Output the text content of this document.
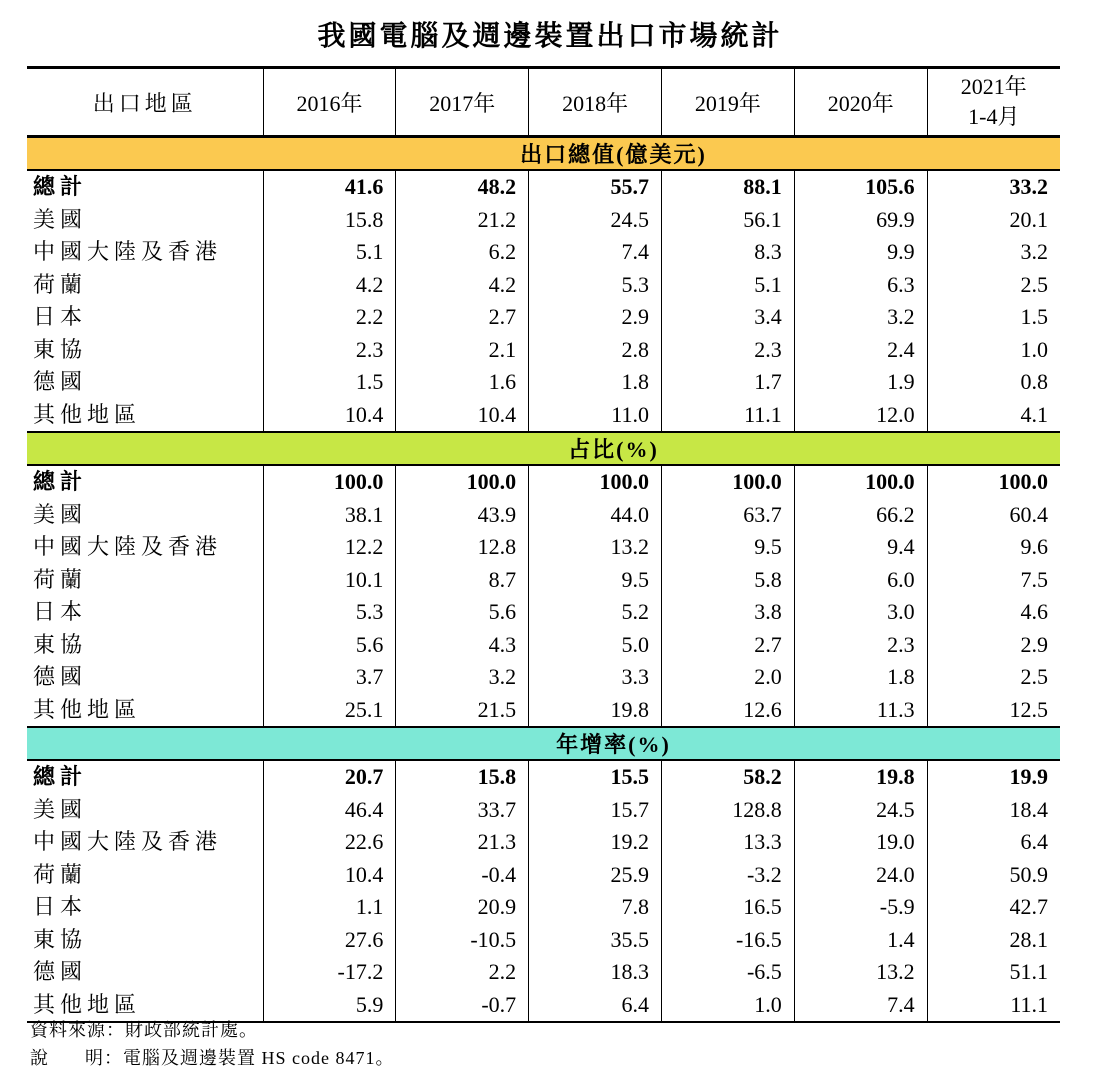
我國電腦及週邊裝置出口市場統計
出口地區	2016年	2017年	2018年	2019年	2020年	2021年
1-4月
出口總值(億美元)						
總計	41.6	48.2	55.7	88.1	105.6	33.2
美國	15.8	21.2	24.5	56.1	69.9	20.1
中國大陸及香港	5.1	6.2	7.4	8.3	9.9	3.2
荷蘭	4.2	4.2	5.3	5.1	6.3	2.5
日本	2.2	2.7	2.9	3.4	3.2	1.5
東協	2.3	2.1	2.8	2.3	2.4	1.0
德國	1.5	1.6	1.8	1.7	1.9	0.8
其他地區	10.4	10.4	11.0	11.1	12.0	4.1
占比(%)						
總計	100.0	100.0	100.0	100.0	100.0	100.0
美國	38.1	43.9	44.0	63.7	66.2	60.4
中國大陸及香港	12.2	12.8	13.2	9.5	9.4	9.6
荷蘭	10.1	8.7	9.5	5.8	6.0	7.5
日本	5.3	5.6	5.2	3.8	3.0	4.6
東協	5.6	4.3	5.0	2.7	2.3	2.9
德國	3.7	3.2	3.3	2.0	1.8	2.5
其他地區	25.1	21.5	19.8	12.6	11.3	12.5
年增率(%)						
總計	20.7	15.8	15.5	58.2	19.8	19.9
美國	46.4	33.7	15.7	128.8	24.5	18.4
中國大陸及香港	22.6	21.3	19.2	13.3	19.0	6.4
荷蘭	10.4	-0.4	25.9	-3.2	24.0	50.9
日本	1.1	20.9	7.8	16.5	-5.9	42.7
東協	27.6	-10.5	35.5	-16.5	1.4	28.1
德國	-17.2	2.2	18.3	-6.5	13.2	51.1
其他地區	5.9	-0.7	6.4	1.0	7.4	11.1
資料來源：財政部統計處。
說 明：電腦及週邊裝置 HS code 8471。
